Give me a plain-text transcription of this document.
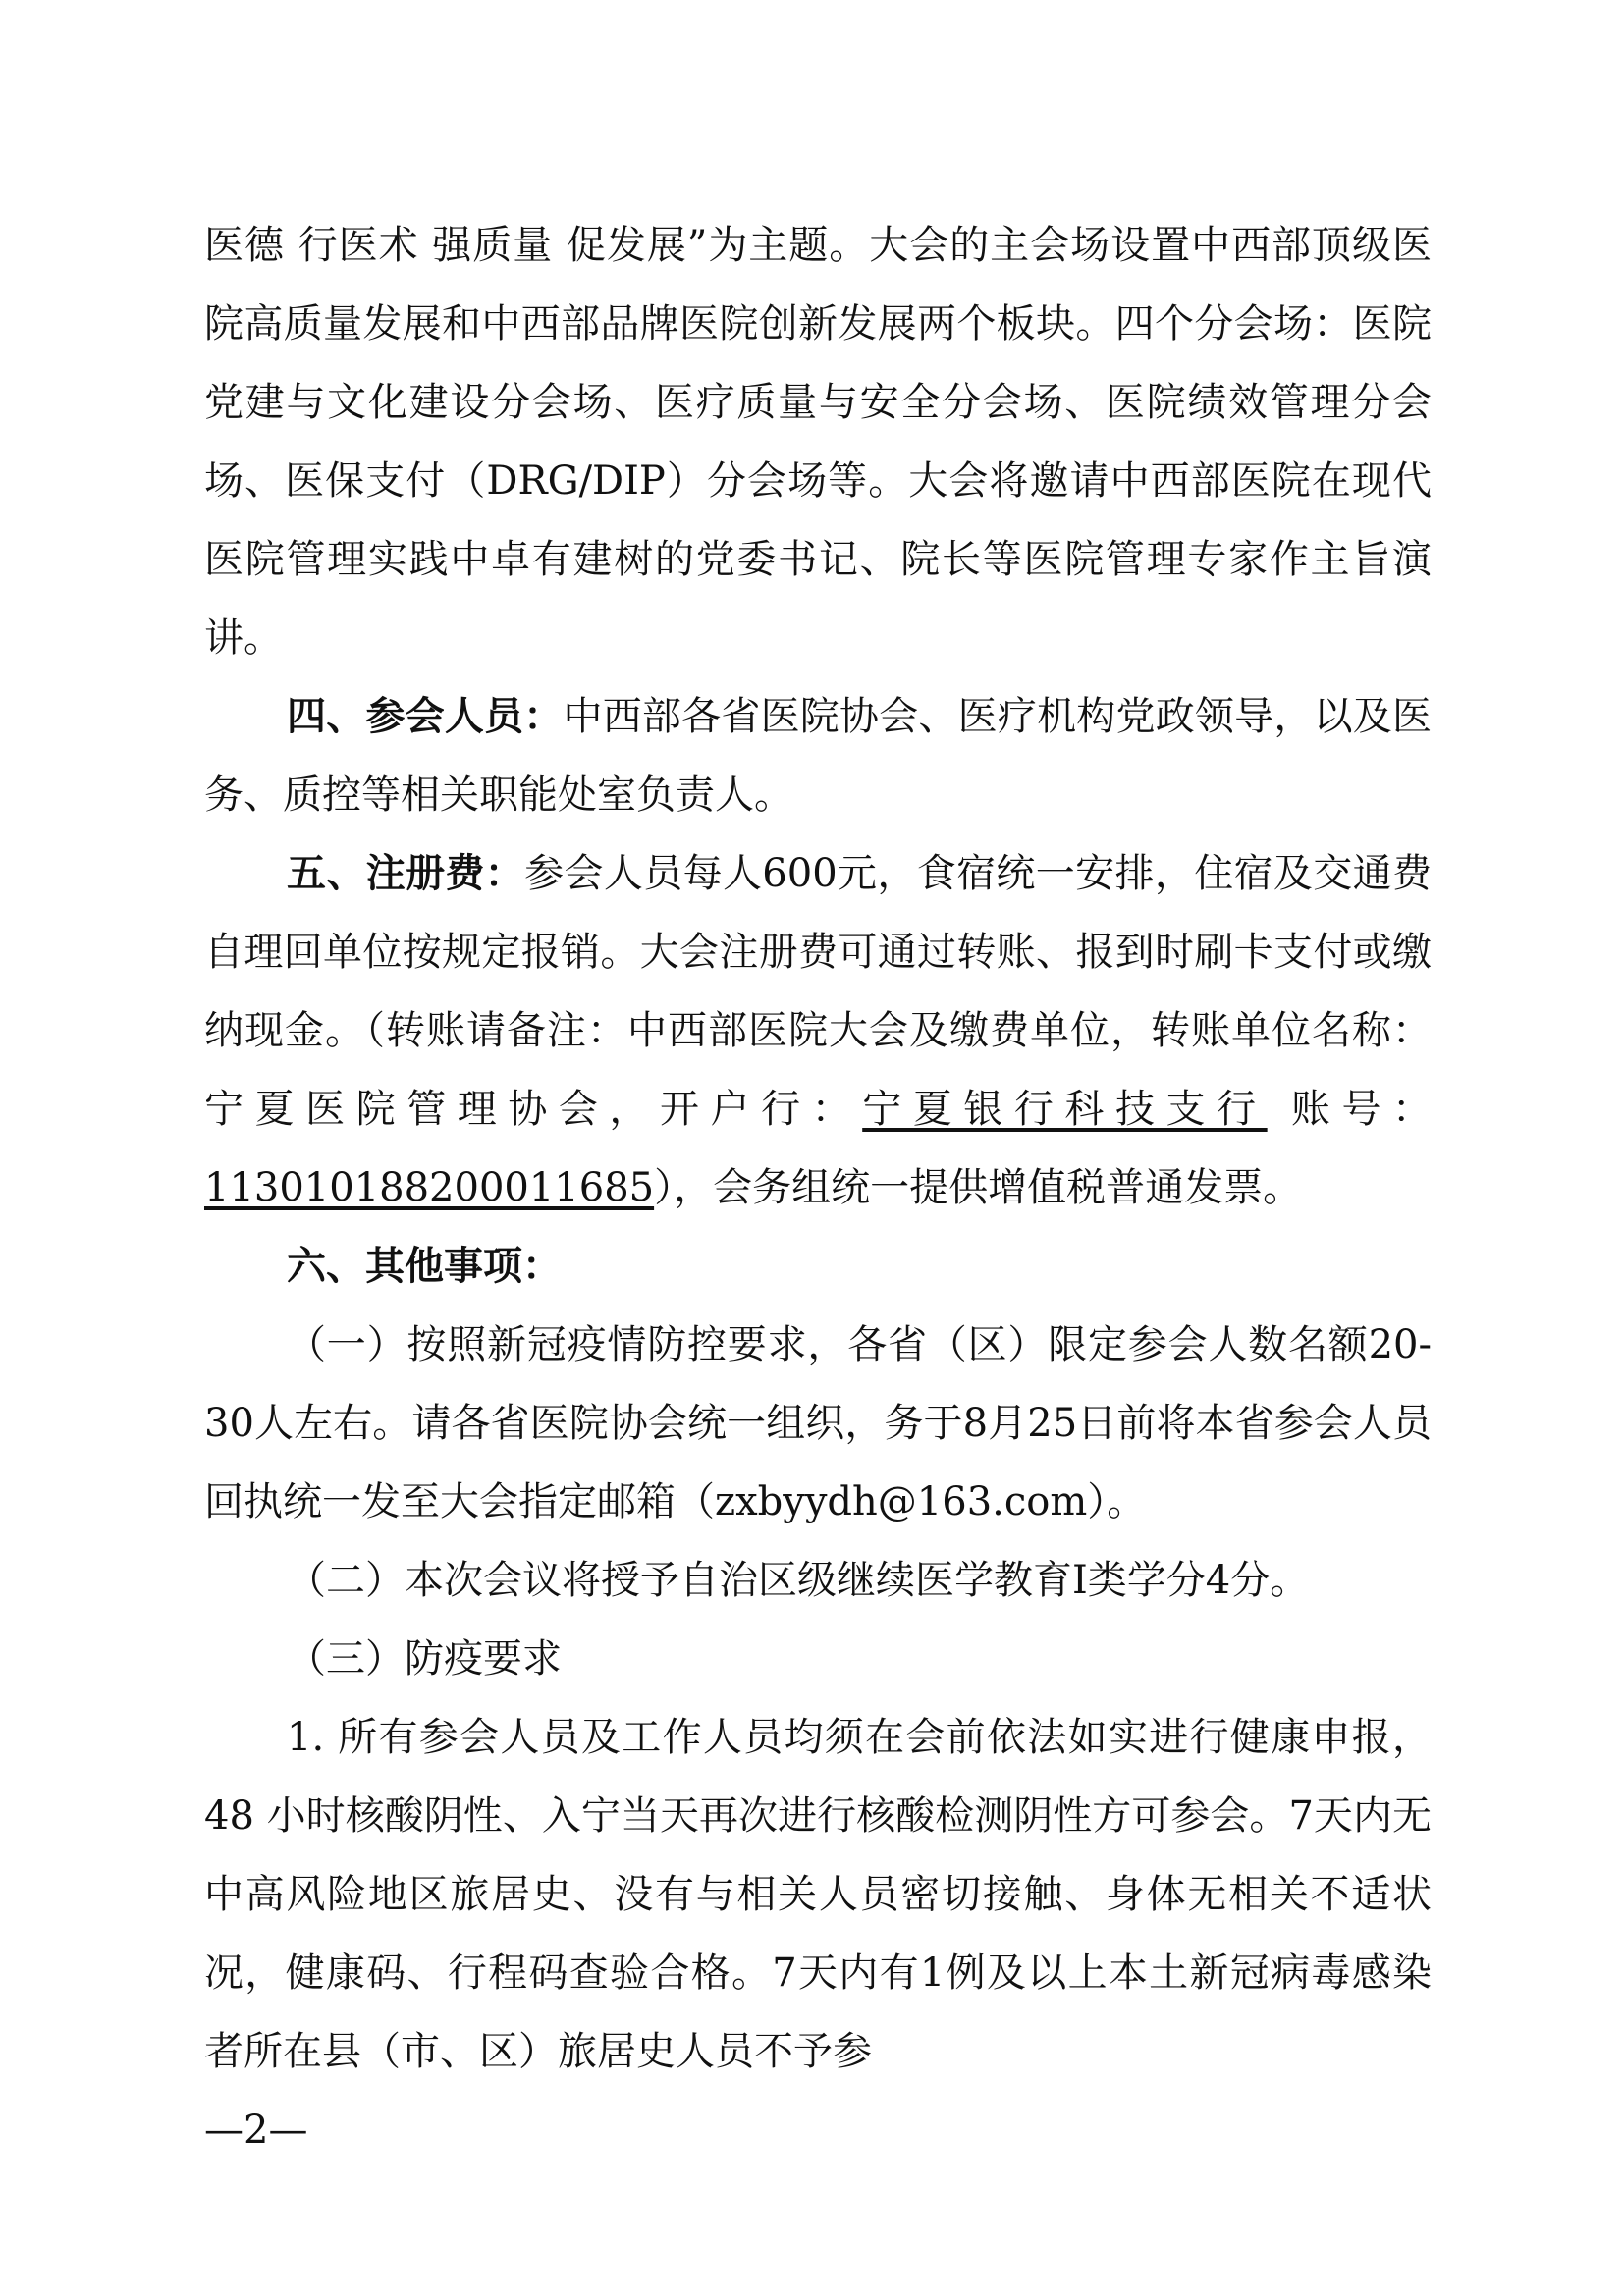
医德 行医术 强质量 促发展”为主题。大会的主会场设置中西部顶级医院高质量发展和中西部品牌医院创新发展两个板块。四个分会场：医院党建与文化建设分会场、医疗质量与安全分会场、医院绩效管理分会场、医保支付（DRG/DIP）分会场等。大会将邀请中西部医院在现代医院管理实践中卓有建树的党委书记、院长等医院管理专家作主旨演讲。

四、参会人员：中西部各省医院协会、医疗机构党政领导，以及医务、质控等相关职能处室负责人。

五、注册费：参会人员每人600元，食宿统一安排，住宿及交通费自理回单位按规定报销。大会注册费可通过转账、报到时刷卡支付或缴纳现金。（转账请备注：中西部医院大会及缴费单位，转账单位名称：宁夏医院管理协会，开户行：宁夏银行科技支行 账号：113010188200011685），会务组统一提供增值税普通发票。

六、其他事项：

（一）按照新冠疫情防控要求，各省（区）限定参会人数名额20-30人左右。请各省医院协会统一组织，务于8月25日前将本省参会人员回执统一发至大会指定邮箱（zxbyydh@163.com）。

（二）本次会议将授予自治区级继续医学教育Ⅰ类学分4分。

（三）防疫要求

1. 所有参会人员及工作人员均须在会前依法如实进行健康申报，48 小时核酸阴性、入宁当天再次进行核酸检测阴性方可参会。7天内无中高风险地区旅居史、没有与相关人员密切接触、身体无相关不适状况，健康码、行程码查验合格。7天内有1例及以上本土新冠病毒感染者所在县（市、区）旅居史人员不予参

—2—
